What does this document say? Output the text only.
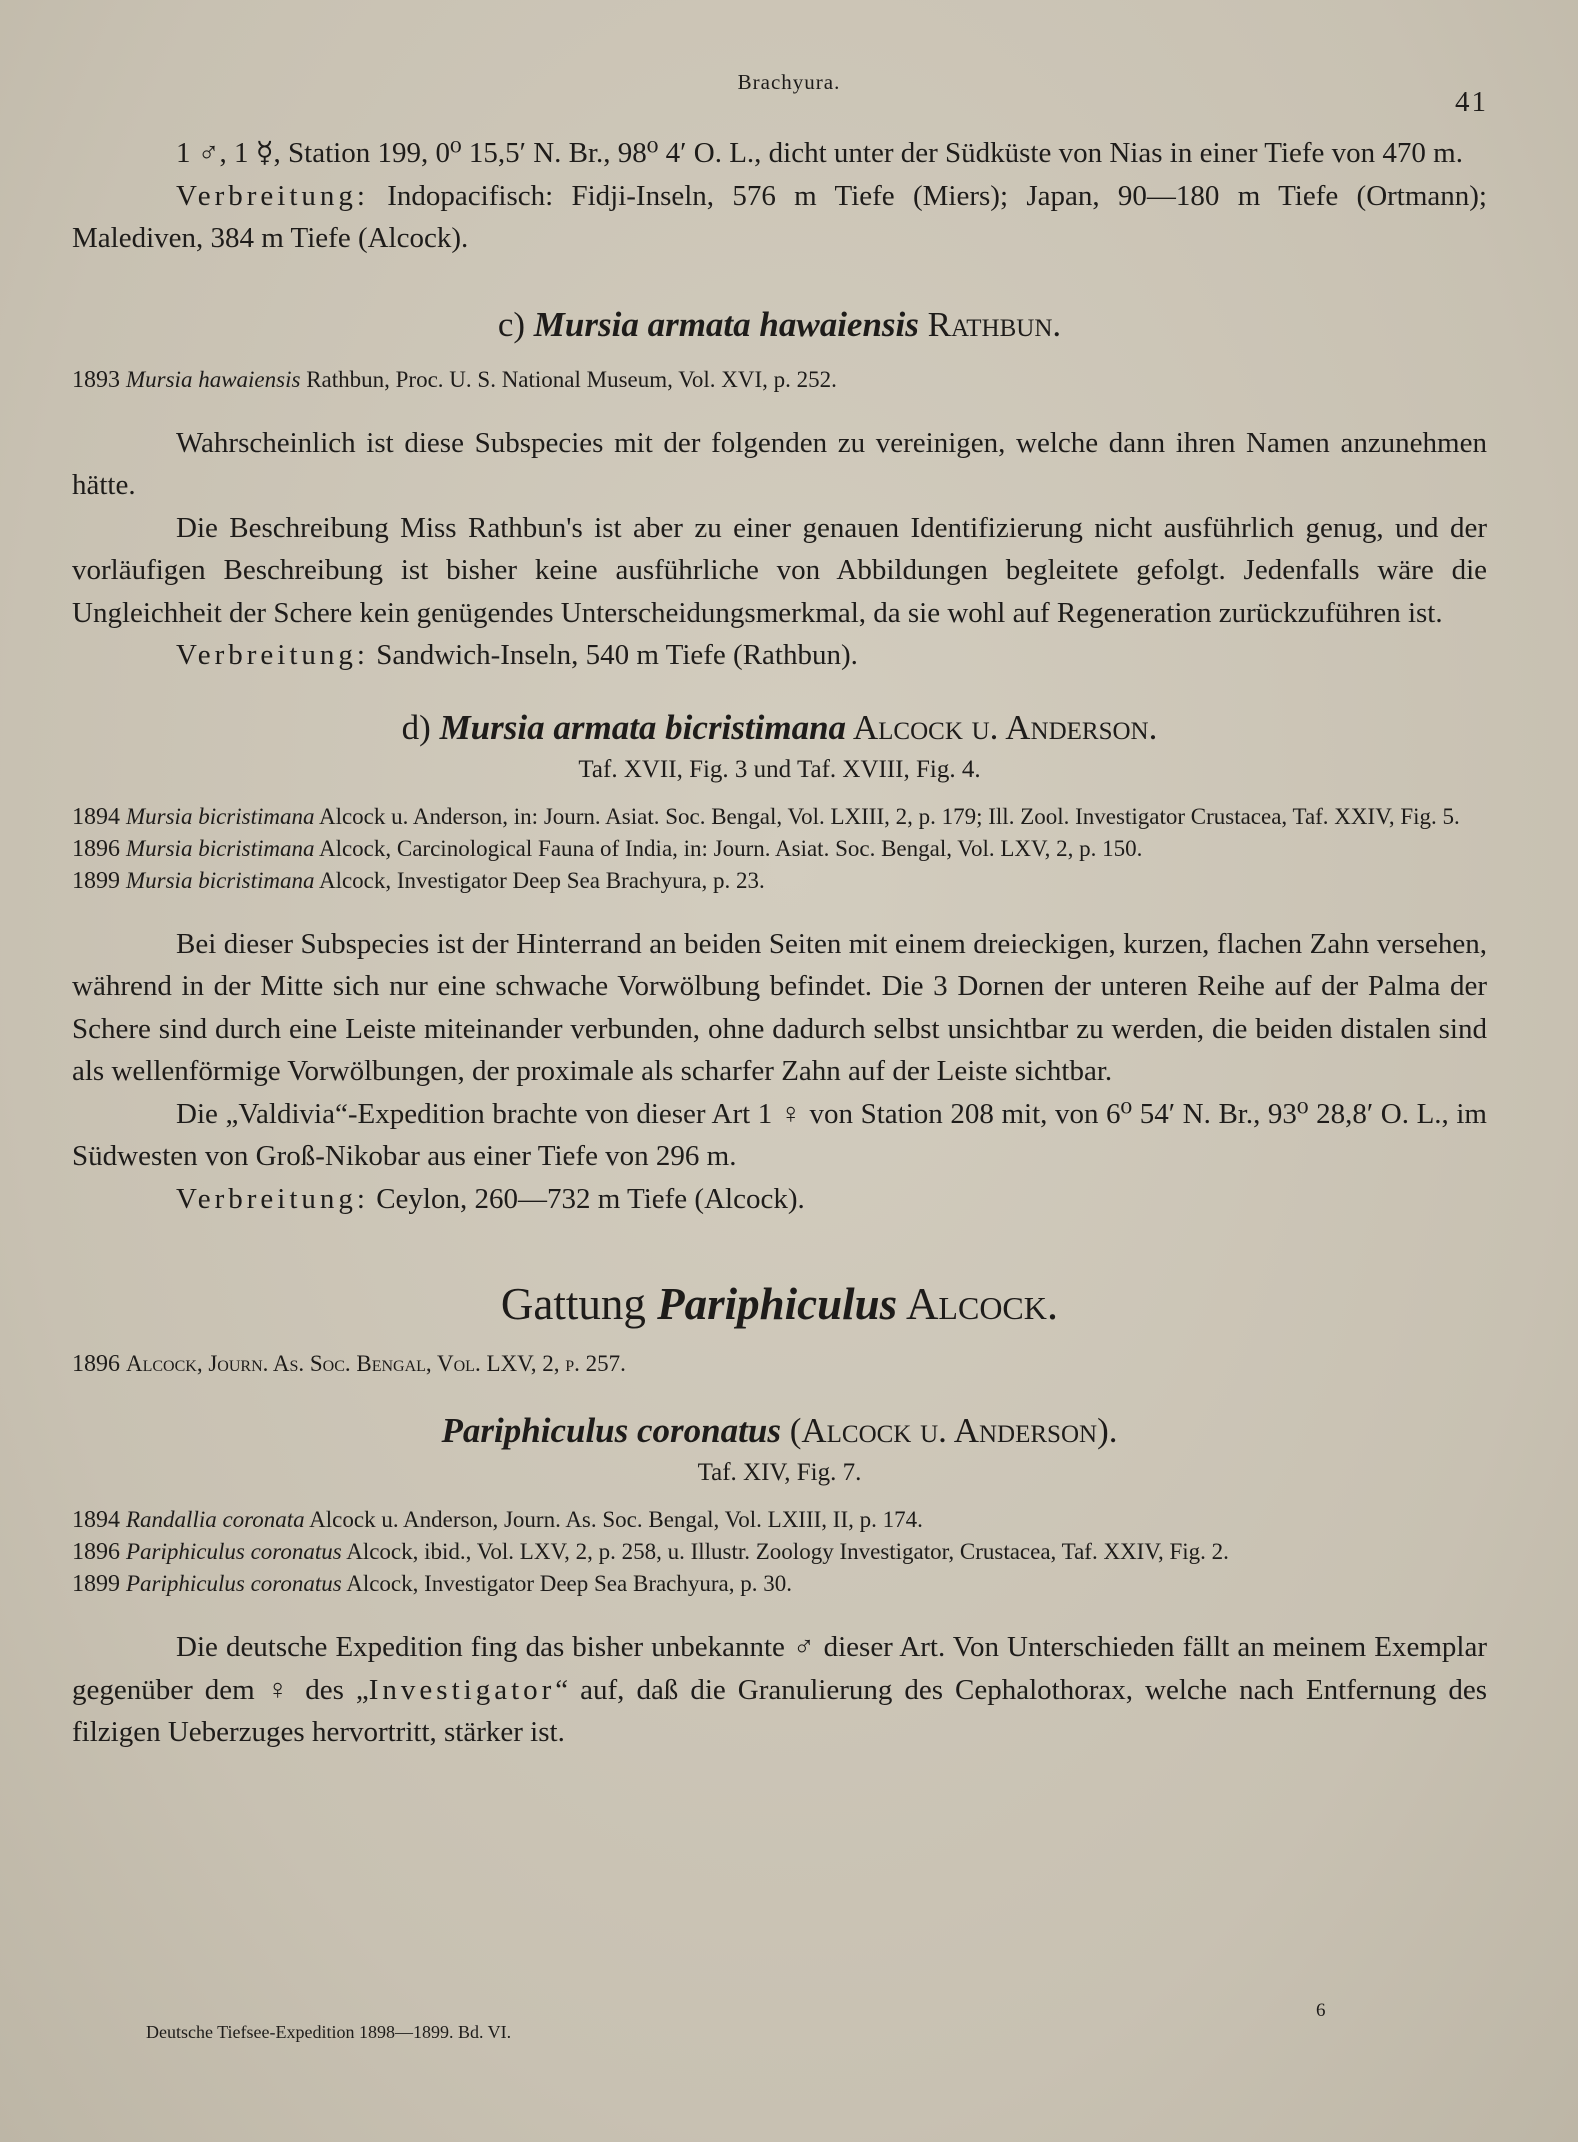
Brachyura.
41

1 ♂, 1 ☿, Station 199, 0⁰ 15,5′ N. Br., 98⁰ 4′ O. L., dicht unter der Südküste von Nias in einer Tiefe von 470 m.

Verbreitung: Indopacifisch: Fidji-Inseln, 576 m Tiefe (Miers); Japan, 90—180 m Tiefe (Ortmann); Malediven, 384 m Tiefe (Alcock).

c) Mursia armata hawaiensis Rathbun.

1893 Mursia hawaiensis Rathbun, Proc. U. S. National Museum, Vol. XVI, p. 252.

Wahrscheinlich ist diese Subspecies mit der folgenden zu vereinigen, welche dann ihren Namen anzunehmen hätte.

Die Beschreibung Miss Rathbun's ist aber zu einer genauen Identifizierung nicht ausführlich genug, und der vorläufigen Beschreibung ist bisher keine ausführliche von Abbildungen begleitete gefolgt. Jedenfalls wäre die Ungleichheit der Schere kein genügendes Unterscheidungsmerkmal, da sie wohl auf Regeneration zurückzuführen ist.

Verbreitung: Sandwich-Inseln, 540 m Tiefe (Rathbun).

d) Mursia armata bicristimana Alcock u. Anderson.

Taf. XVII, Fig. 3 und Taf. XVIII, Fig. 4.

1894 Mursia bicristimana Alcock u. Anderson, in: Journ. Asiat. Soc. Bengal, Vol. LXIII, 2, p. 179; Ill. Zool. Investigator Crustacea, Taf. XXIV, Fig. 5.

1896 Mursia bicristimana Alcock, Carcinological Fauna of India, in: Journ. Asiat. Soc. Bengal, Vol. LXV, 2, p. 150.

1899 Mursia bicristimana Alcock, Investigator Deep Sea Brachyura, p. 23.

Bei dieser Subspecies ist der Hinterrand an beiden Seiten mit einem dreieckigen, kurzen, flachen Zahn versehen, während in der Mitte sich nur eine schwache Vorwölbung befindet. Die 3 Dornen der unteren Reihe auf der Palma der Schere sind durch eine Leiste miteinander verbunden, ohne dadurch selbst unsichtbar zu werden, die beiden distalen sind als wellenförmige Vorwölbungen, der proximale als scharfer Zahn auf der Leiste sichtbar.

Die „Valdivia“-Expedition brachte von dieser Art 1 ♀ von Station 208 mit, von 6⁰ 54′ N. Br., 93⁰ 28,8′ O. L., im Südwesten von Groß-Nikobar aus einer Tiefe von 296 m.

Verbreitung: Ceylon, 260—732 m Tiefe (Alcock).

Gattung Pariphiculus Alcock.

1896 Alcock, Journ. As. Soc. Bengal, Vol. LXV, 2, p. 257.

Pariphiculus coronatus (Alcock u. Anderson).

Taf. XIV, Fig. 7.

1894 Randallia coronata Alcock u. Anderson, Journ. As. Soc. Bengal, Vol. LXIII, II, p. 174.

1896 Pariphiculus coronatus Alcock, ibid., Vol. LXV, 2, p. 258, u. Illustr. Zoology Investigator, Crustacea, Taf. XXIV, Fig. 2.

1899 Pariphiculus coronatus Alcock, Investigator Deep Sea Brachyura, p. 30.

Die deutsche Expedition fing das bisher unbekannte ♂ dieser Art. Von Unterschieden fällt an meinem Exemplar gegenüber dem ♀ des „Investigator“ auf, daß die Granulierung des Cephalothorax, welche nach Entfernung des filzigen Ueberzuges hervortritt, stärker ist.

Deutsche Tiefsee-Expedition 1898—1899. Bd. VI.
6
